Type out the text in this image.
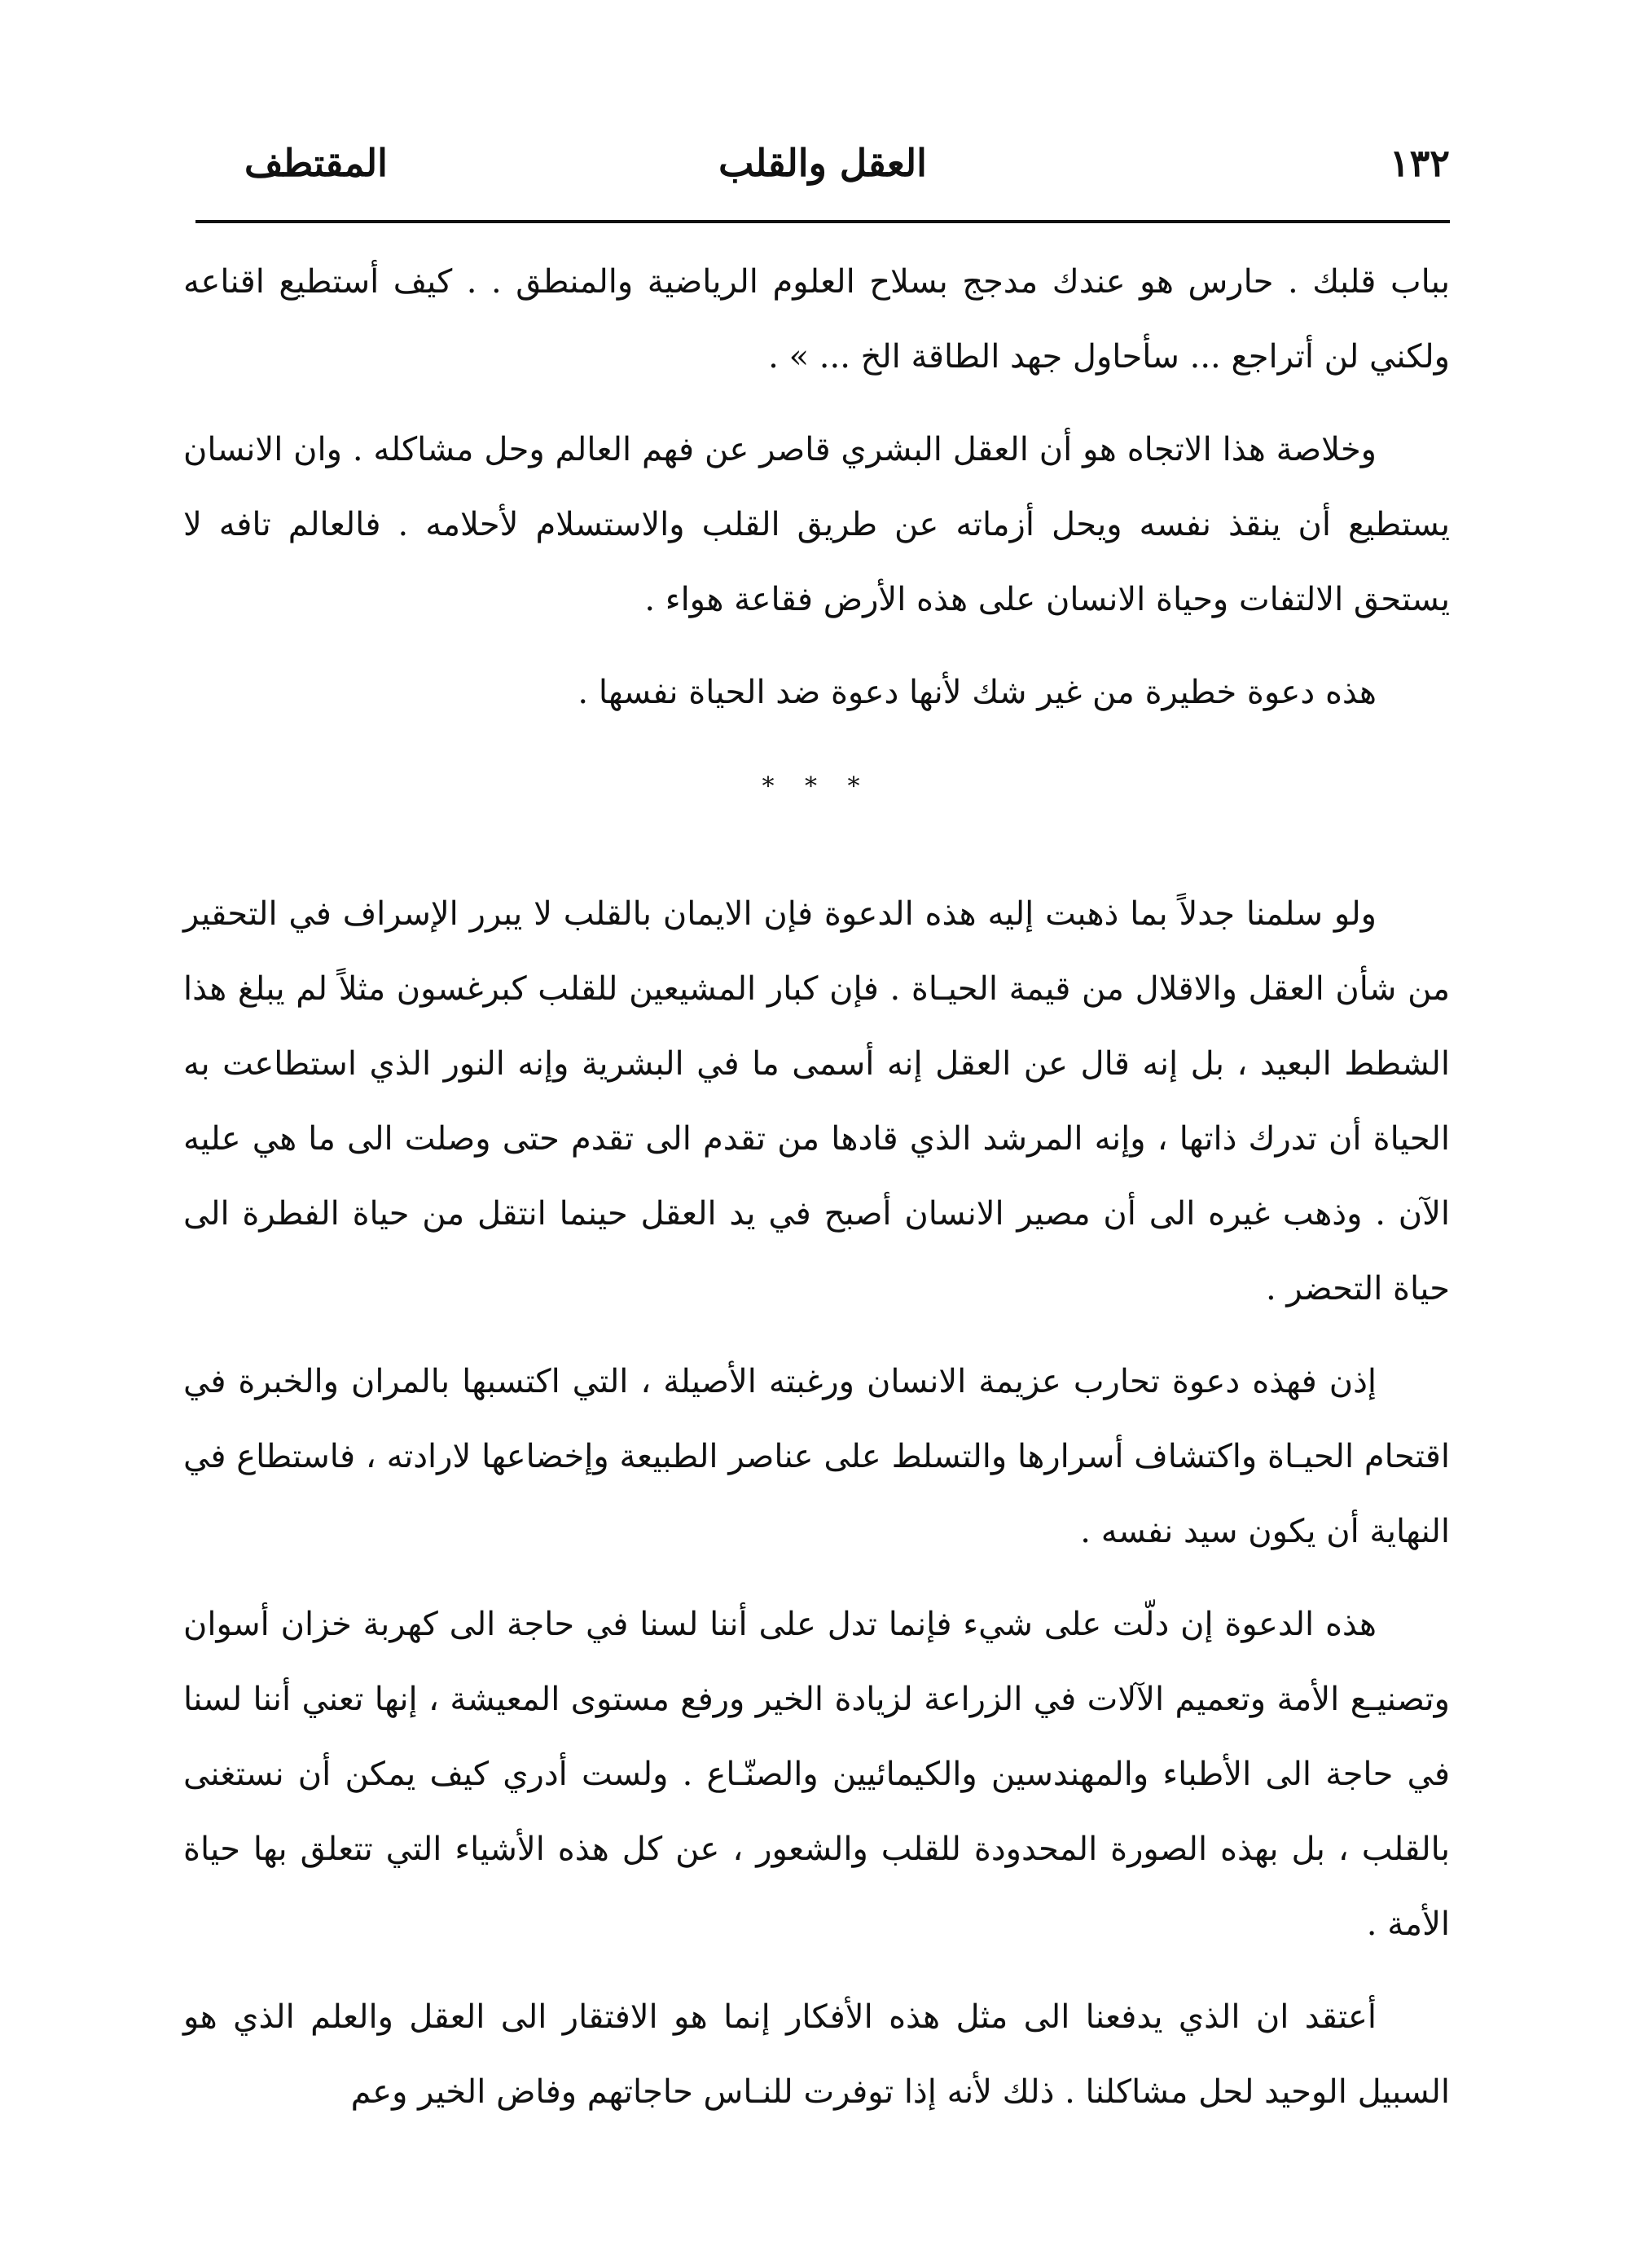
١٣٢
العقل والقلب
المقتطف

بباب قلبك . حارس هو عندك مدجج بسلاح العلوم الرياضية والمنطق . . كيف أستطيع اقناعه ولكني لن أتراجع ... سأحاول جهد الطاقة الخ ... » .

وخلاصة هذا الاتجاه هو أن العقل البشري قاصر عن فهم العالم وحل مشاكله . وان الانسان يستطيع أن ينقذ نفسه ويحل أزماته عن طريق القلب والاستسلام لأحلامه . فالعالم تافه لا يستحق الالتفات وحياة الانسان على هذه الأرض فقاعة هواء .

هذه دعوة خطيرة من غير شك لأنها دعوة ضد الحياة نفسها .

* * *

ولو سلمنا جدلاً بما ذهبت إليه هذه الدعوة فإن الايمان بالقلب لا يبرر الإسراف في التحقير من شأن العقل والاقلال من قيمة الحيـاة . فإن كبار المشيعين للقلب كبرغسون مثلاً لم يبلغ هذا الشطط البعيد ، بل إنه قال عن العقل إنه أسمى ما في البشرية وإنه النور الذي استطاعت به الحياة أن تدرك ذاتها ، وإنه المرشد الذي قادها من تقدم الى تقدم حتى وصلت الى ما هي عليه الآن . وذهب غيره الى أن مصير الانسان أصبح في يد العقل حينما انتقل من حياة الفطرة الى حياة التحضر .

إذن فهذه دعوة تحارب عزيمة الانسان ورغبته الأصيلة ، التي اكتسبها بالمران والخبرة في اقتحام الحيـاة واكتشاف أسرارها والتسلط على عناصر الطبيعة وإخضاعها لارادته ، فاستطاع في النهاية أن يكون سيد نفسه .

هذه الدعوة إن دلّت على شيء فإنما تدل على أننا لسنا في حاجة الى كهربة خزان أسوان وتصنيـع الأمة وتعميم الآلات في الزراعة لزيادة الخير ورفع مستوى المعيشة ، إنها تعني أننا لسنا في حاجة الى الأطباء والمهندسين والكيمائيين والصنّـاع . ولست أدري كيف يمكن أن نستغنى بالقلب ، بل بهذه الصورة المحدودة للقلب والشعور ، عن كل هذه الأشياء التي تتعلق بها حياة الأمة .

أعتقد ان الذي يدفعنا الى مثل هذه الأفكار إنما هو الافتقار الى العقل والعلم الذي هو السبيل الوحيد لحل مشاكلنا . ذلك لأنه إذا توفرت للنـاس حاجاتهم وفاض الخير وعم
